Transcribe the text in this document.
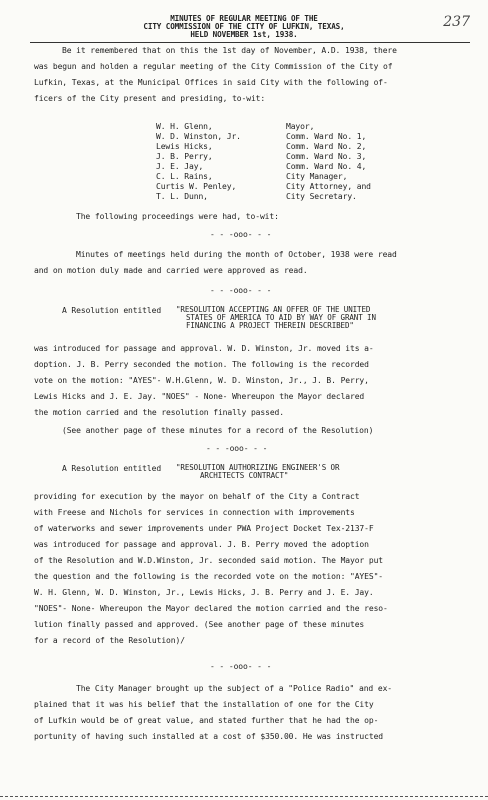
237
MINUTES OF REGULAR MEETING OF THE
CITY COMMISSION OF THE CITY OF LUFKIN, TEXAS,
HELD NOVEMBER 1st, 1938.
Be it remembered that on this the 1st day of November, A.D. 1938, there
was begun and holden a regular meeting of the City Commission of the City of
Lufkin, Texas, at the Municipal Offices in said City with the following of-
ficers of the City present and presiding, to-wit:
W. H. Glenn,	Mayor,
W. D. Winston, Jr.	Comm. Ward No. 1,
Lewis Hicks,	Comm. Ward No. 2,
J. B. Perry,	Comm. Ward No. 3,
J. E. Jay,	Comm. Ward No. 4,
C. L. Rains,	City Manager,
Curtis W. Penley,	City Attorney, and
T. L. Dunn,	City Secretary.
The following proceedings were had, to-wit:
- - -ooo- - -
Minutes of meetings held during the month of October, 1938 were read
and on motion duly made and carried were approved as read.
- - -ooo- - -
A Resolution entitled "RESOLUTION ACCEPTING AN OFFER OF THE UNITED
STATES OF AMERICA TO AID BY WAY OF GRANT IN
FINANCING A PROJECT THEREIN DESCRIBED"
was introduced for passage and approval. W. D. Winston, Jr. moved its a-
doption. J. B. Perry seconded the motion. The following is the recorded
vote on the motion: "AYES"- W.H.Glenn, W. D. Winston, Jr., J. B. Perry,
Lewis Hicks and J. E. Jay. "NOES" - None- Whereupon the Mayor declared
the motion carried and the resolution finally passed.
(See another page of these minutes for a record of the Resolution)
- - -ooo- - -
A Resolution entitled "RESOLUTION AUTHORIZING ENGINEER'S OR
ARCHITECTS CONTRACT"
providing for execution by the mayor on behalf of the City a Contract
with Freese and Nichols for services in connection with improvements
of waterworks and sewer improvements under PWA Project Docket Tex-2137-F
was introduced for passage and approval. J. B. Perry moved the adoption
of the Resolution and W.D.Winston, Jr. seconded said motion. The Mayor put
the question and the following is the recorded vote on the motion: "AYES"-
W. H. Glenn, W. D. Winston, Jr., Lewis Hicks, J. B. Perry and J. E. Jay.
"NOES"- None- Whereupon the Mayor declared the motion carried and the reso-
lution finally passed and approved. (See another page of these minutes
for a record of the Resolution)/
- - -ooo- - -
The City Manager brought up the subject of a "Police Radio" and ex-
plained that it was his belief that the installation of one for the City
of Lufkin would be of great value, and stated further that he had the op-
portunity of having such installed at a cost of $350.00. He was instructed
